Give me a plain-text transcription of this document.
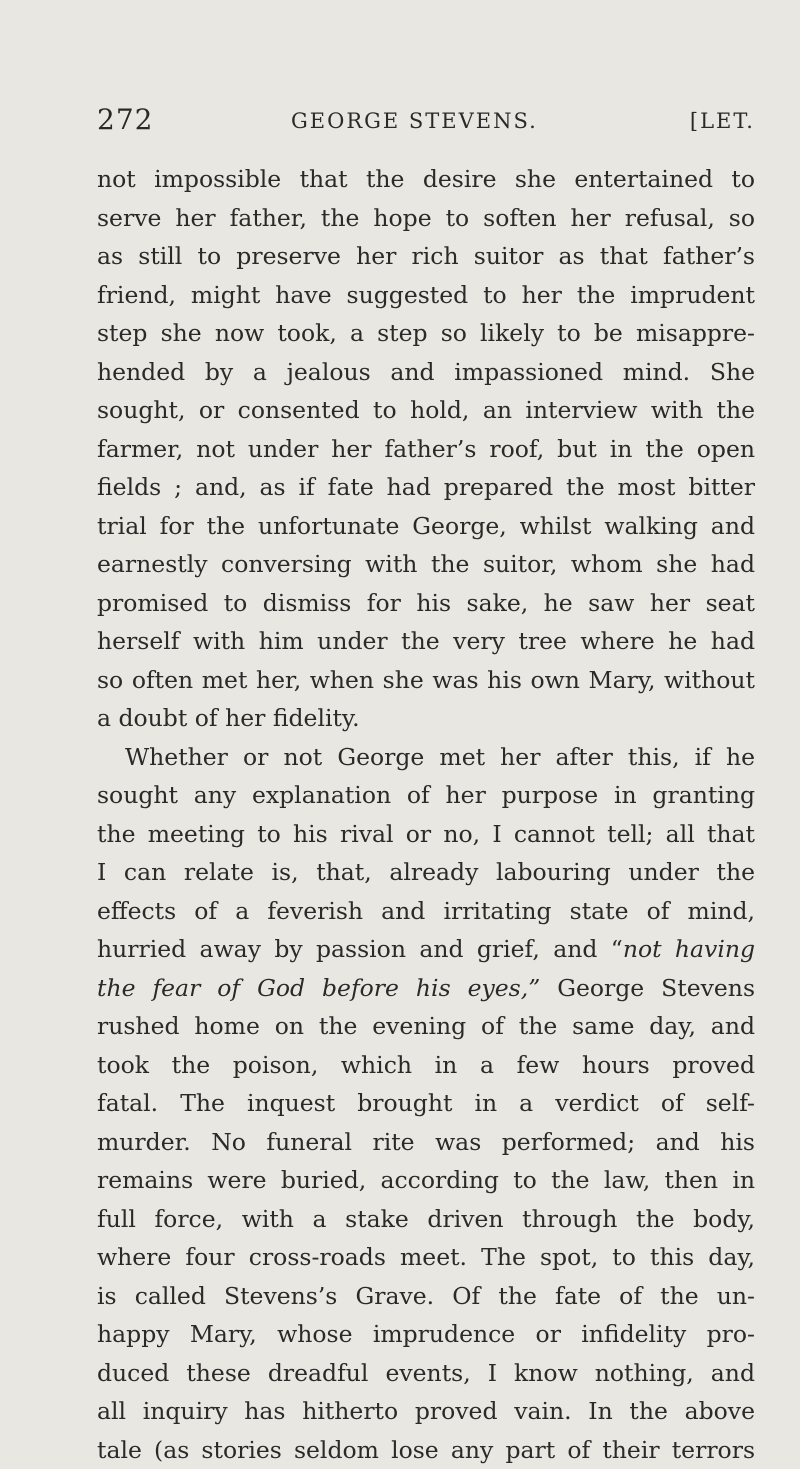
272	GEORGE STEVENS.	[LET.
not impossible that the desire she entertained to
serve her father, the hope to soften her refusal, so
as still to preserve her rich suitor as that father’s
friend, might have suggested to her the imprudent
step she now took, a step so likely to be misappre-
hended by a jealous and impassioned mind. She
sought, or consented to hold, an interview with the
farmer, not under her father’s roof, but in the open
fields ; and, as if fate had prepared the most bitter
trial for the unfortunate George, whilst walking and
earnestly conversing with the suitor, whom she had
promised to dismiss for his sake, he saw her seat
herself with him under the very tree where he had
so often met her, when she was his own Mary, without
a doubt of her fidelity.
Whether or not George met her after this, if he
sought any explanation of her purpose in granting
the meeting to his rival or no, I cannot tell; all that
I can relate is, that, already labouring under the
effects of a feverish and irritating state of mind,
hurried away by passion and grief, and “not having
the fear of God before his eyes,” George Stevens
rushed home on the evening of the same day, and
took the poison, which in a few hours proved
fatal. The inquest brought in a verdict of self-
murder. No funeral rite was performed; and his
remains were buried, according to the law, then in
full force, with a stake driven through the body,
where four cross-roads meet. The spot, to this day,
is called Stevens’s Grave. Of the fate of the un-
happy Mary, whose imprudence or infidelity pro-
duced these dreadful events, I know nothing, and
all inquiry has hitherto proved vain. In the above
tale (as stories seldom lose any part of their terrors
